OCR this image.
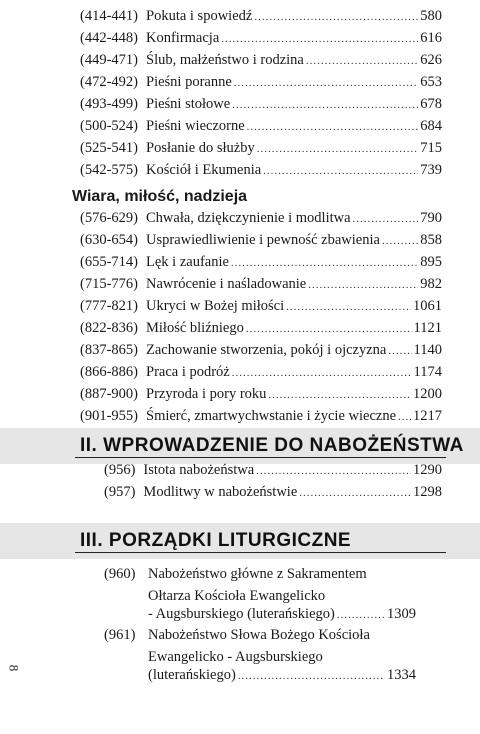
(414-441) Pokuta i spowiedź .....	580
(442-448) Konfirmacja .....	616
(449-471) Ślub, małżeństwo i rodzina .....	626
(472-492) Pieśni poranne .....	653
(493-499) Pieśni stołowe .....	678
(500-524) Pieśni wieczorne .....	684
(525-541) Posłanie do służby .....	715
(542-575) Kościół i Ekumenia .....	739
Wiara, miłość, nadzieja
(576-629) Chwała, dziękczynienie i modlitwa .....	790
(630-654) Usprawiedliwienie i pewność zbawienia .....	858
(655-714) Lęk i zaufanie .....	895
(715-776) Nawrócenie i naśladowanie .....	982
(777-821) Ukryci w Bożej miłości .....	1061
(822-836) Miłość bliźniego .....	1121
(837-865) Zachowanie stworzenia, pokój i ojczyzna ..... 1140
(866-886) Praca i podróż .....	1174
(887-900) Przyroda i pory roku .....	1200
(901-955) Śmierć, zmartwychwstanie i życie wieczne ..... 1217
II. WPROWADZENIE DO NABOŻEŃSTWA
(956) Istota nabożeństwa .....	1290
(957) Modlitwy w nabożeństwie .....	1298
III. PORZĄDKI LITURGICZNE
(960) Nabożeństwo główne z Sakramentem
Ołtarza Kościoła Ewangelicko
- Augsburskiego (luterańskiego) .....	1309
(961) Nabożeństwo Słowa Bożego Kościoła
Ewangelicko - Augsburskiego
(luterańskiego) .....	1334
8
